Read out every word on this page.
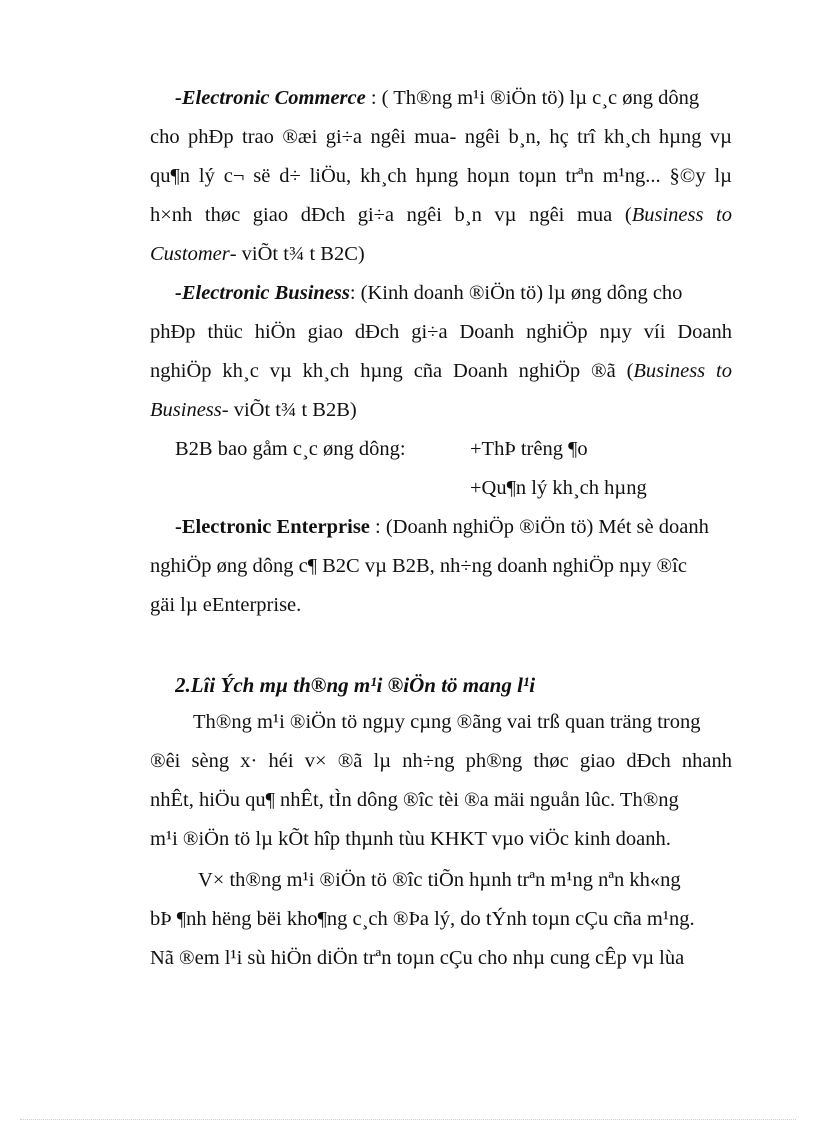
-Electronic Commerce : ( Th®ng m¹i ®iÖn tö) lµ c¸c øng dông
cho phÐp trao ®æi gi÷a ngêi mua- ngêi b¸n, hç trî kh¸ch hµng vµ
qu¶n lý c¬ së d÷ liÖu, kh¸ch hµng hoµn toµn trªn m¹ng... §©y lµ
h×nh thøc giao dÐch gi÷a ngêi b¸n vµ ngêi mua (Business to
Customer- viÕt t¾ t B2C)
-Electronic Business: (Kinh doanh ®iÖn tö) lµ øng dông cho
phÐp thüc hiÖn giao dÐch gi÷a Doanh nghiÖp nµy víi Doanh
nghiÖp kh¸c vµ kh¸ch hµng cña Doanh nghiÖp ®ã (Business to
Business- viÕt t¾ t B2B)
B2B bao gåm c¸c øng dông:	+ThÞ trêng ¶o
+Qu¶n lý kh¸ch hµng
-Electronic Enterprise : (Doanh nghiÖp ®iÖn tö) Mét sè doanh
nghiÖp øng dông c¶ B2C vµ B2B, nh÷ng doanh nghiÖp nµy ®îc
gäi lµ eEnterprise.
2.Lîi Ých mµ th®ng m¹i ®iÖn tö mang l¹i
Th®ng m¹i ®iÖn tö ngµy cµng ®ãng vai trß quan träng trong
®êi sèng x· héi v× ®ã lµ nh÷ng ph®ng thøc giao dÐch nhanh
nhÊt, hiÖu qu¶ nhÊt, tÌn dông ®îc tèi ®a mäi nguån lûc. Th®ng
m¹i ®iÖn tö lµ kÕt hîp thµnh tùu KHKT vµo viÖc kinh doanh.
V× th®ng m¹i ®iÖn tö ®îc tiÕn hµnh trªn m¹ng nªn kh«ng
bÞ ¶nh hëng bëi kho¶ng c¸ch ®Þa lý, do tÝnh toµn cÇu cña m¹ng.
Nã ®em l¹i sù hiÖn diÖn trªn toµn cÇu cho nhµ cung cÊp vµ lùa
